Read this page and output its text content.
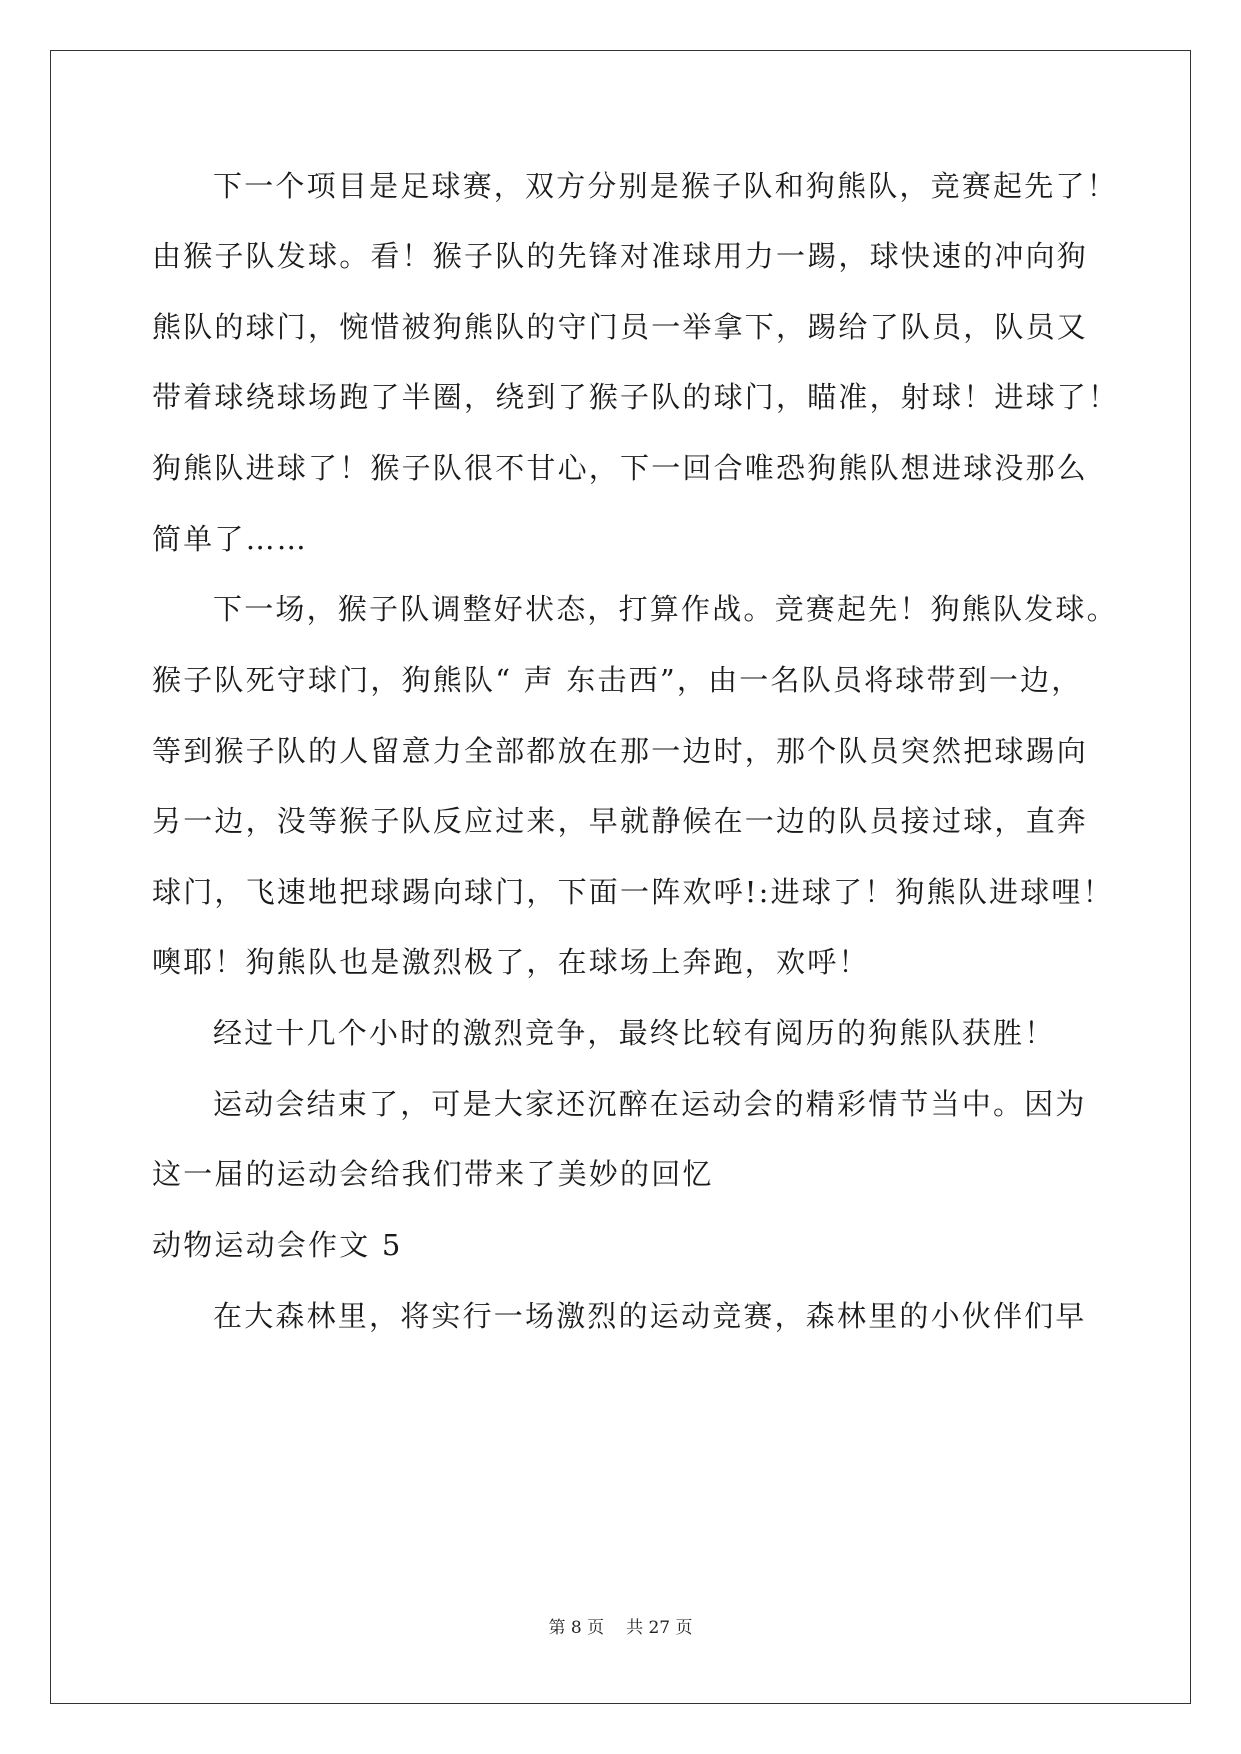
下一个项目是足球赛，双方分别是猴子队和狗熊队，竞赛起先了！
由猴子队发球。看！猴子队的先锋对准球用力一踢，球快速的冲向狗
熊队的球门，惋惜被狗熊队的守门员一举拿下，踢给了队员，队员又
带着球绕球场跑了半圈，绕到了猴子队的球门，瞄准，射球！进球了！
狗熊队进球了！猴子队很不甘心，下一回合唯恐狗熊队想进球没那么
简单了……
下一场，猴子队调整好状态，打算作战。竞赛起先！狗熊队发球。
猴子队死守球门，狗熊队“ 声 东击西”，由一名队员将球带到一边，
等到猴子队的人留意力全部都放在那一边时，那个队员突然把球踢向
另一边，没等猴子队反应过来，早就静候在一边的队员接过球，直奔
球门，飞速地把球踢向球门，下面一阵欢呼!:进球了！狗熊队进球哩！
噢耶！狗熊队也是激烈极了，在球场上奔跑，欢呼！
经过十几个小时的激烈竞争，最终比较有阅历的狗熊队获胜！
运动会结束了，可是大家还沉醉在运动会的精彩情节当中。因为
这一届的运动会给我们带来了美妙的回忆
动物运动会作文 5
在大森林里，将实行一场激烈的运动竞赛，森林里的小伙伴们早
第 8 页 共 27 页
